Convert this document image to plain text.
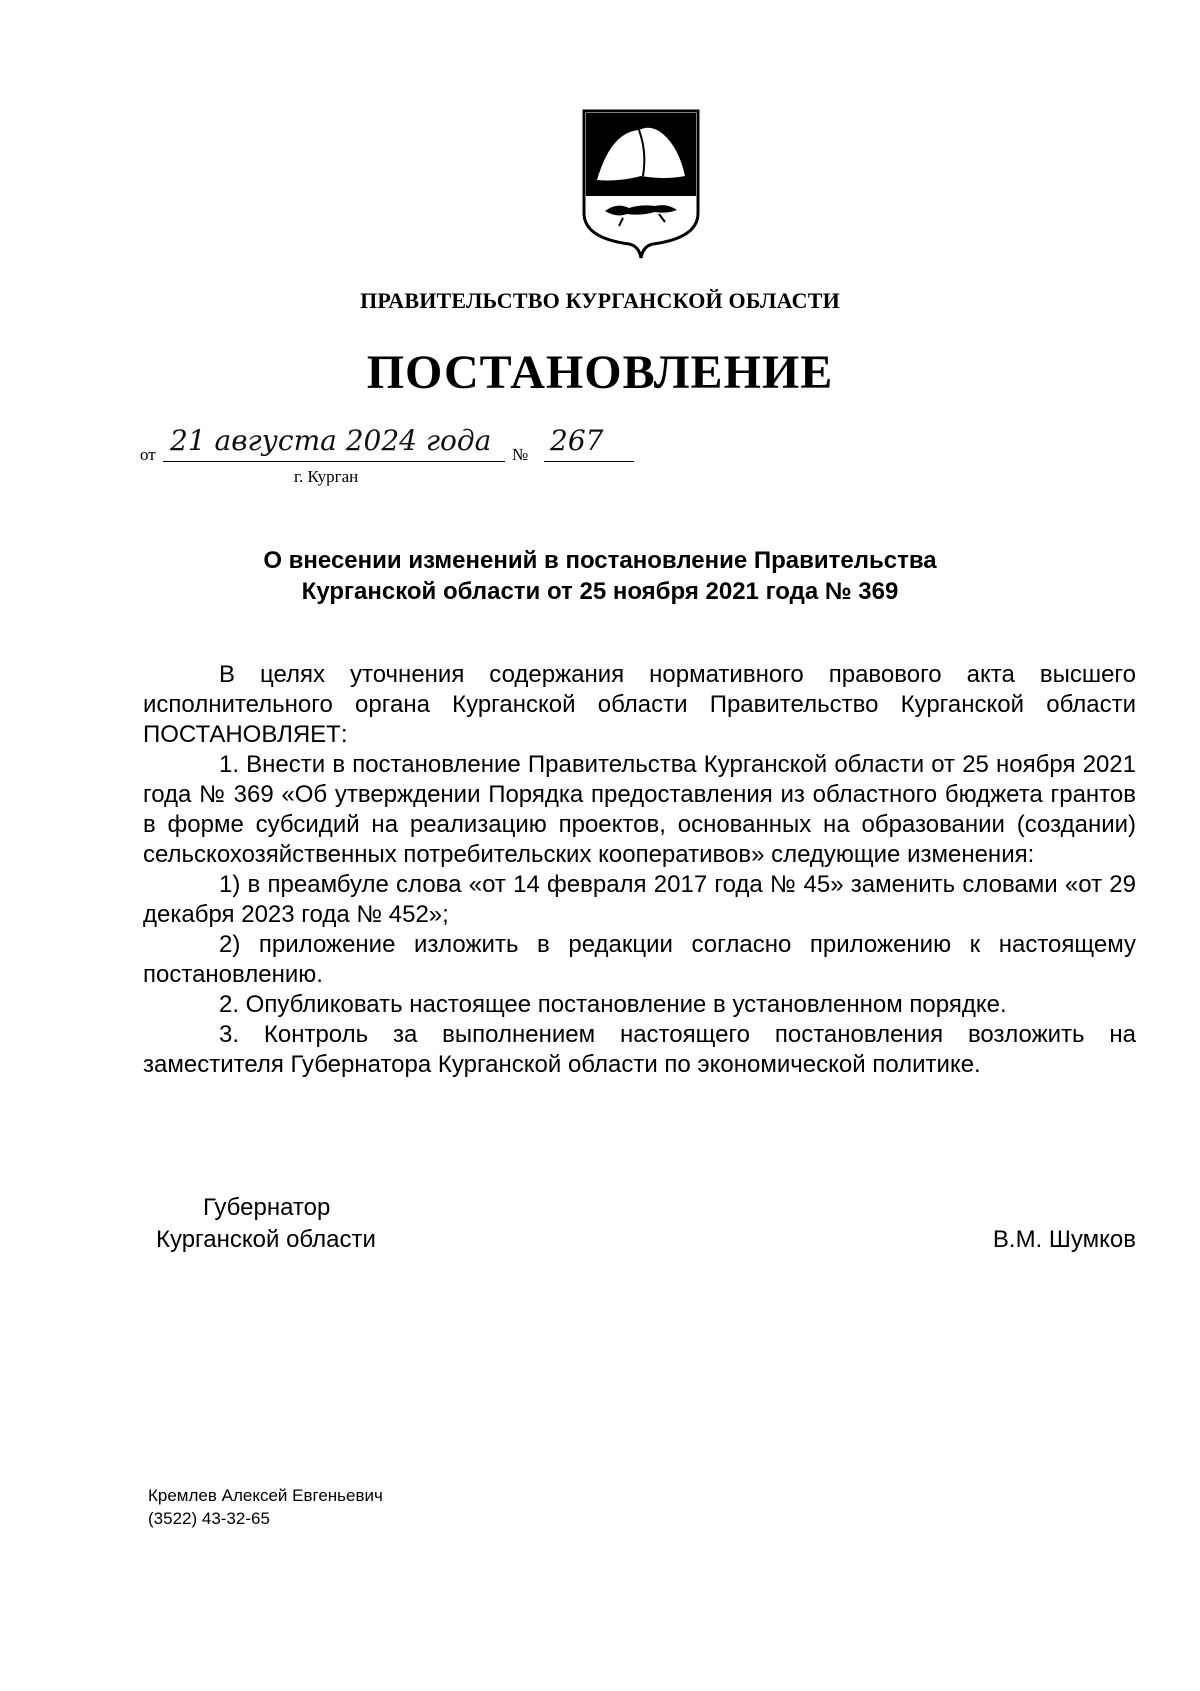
ПРАВИТЕЛЬСТВО КУРГАНСКОЙ ОБЛАСТИ
ПОСТАНОВЛЕНИЕ
от 21 августа 2024 года № 267
г. Курган
О внесении изменений в постановление Правительства
Курганской области от 25 ноября 2021 года № 369

В целях уточнения содержания нормативного правового акта высшего исполнительного органа Курганской области Правительство Курганской области ПОСТАНОВЛЯЕТ:

1. Внести в постановление Правительства Курганской области от 25 ноября 2021 года № 369 «Об утверждении Порядка предоставления из областного бюджета грантов в форме субсидий на реализацию проектов, основанных на образовании (создании) сельскохозяйственных потребительских кооперативов» следующие изменения:

1) в преамбуле слова «от 14 февраля 2017 года № 45» заменить словами «от 29 декабря 2023 года № 452»;

2) приложение изложить в редакции согласно приложению к настоящему постановлению.

2. Опубликовать настоящее постановление в установленном порядке.

3. Контроль за выполнением настоящего постановления возложить на заместителя Губернатора Курганской области по экономической политике.

Губернатор
Курганской области	В.М. Шумков
Кремлев Алексей Евгеньевич
(3522) 43-32-65
